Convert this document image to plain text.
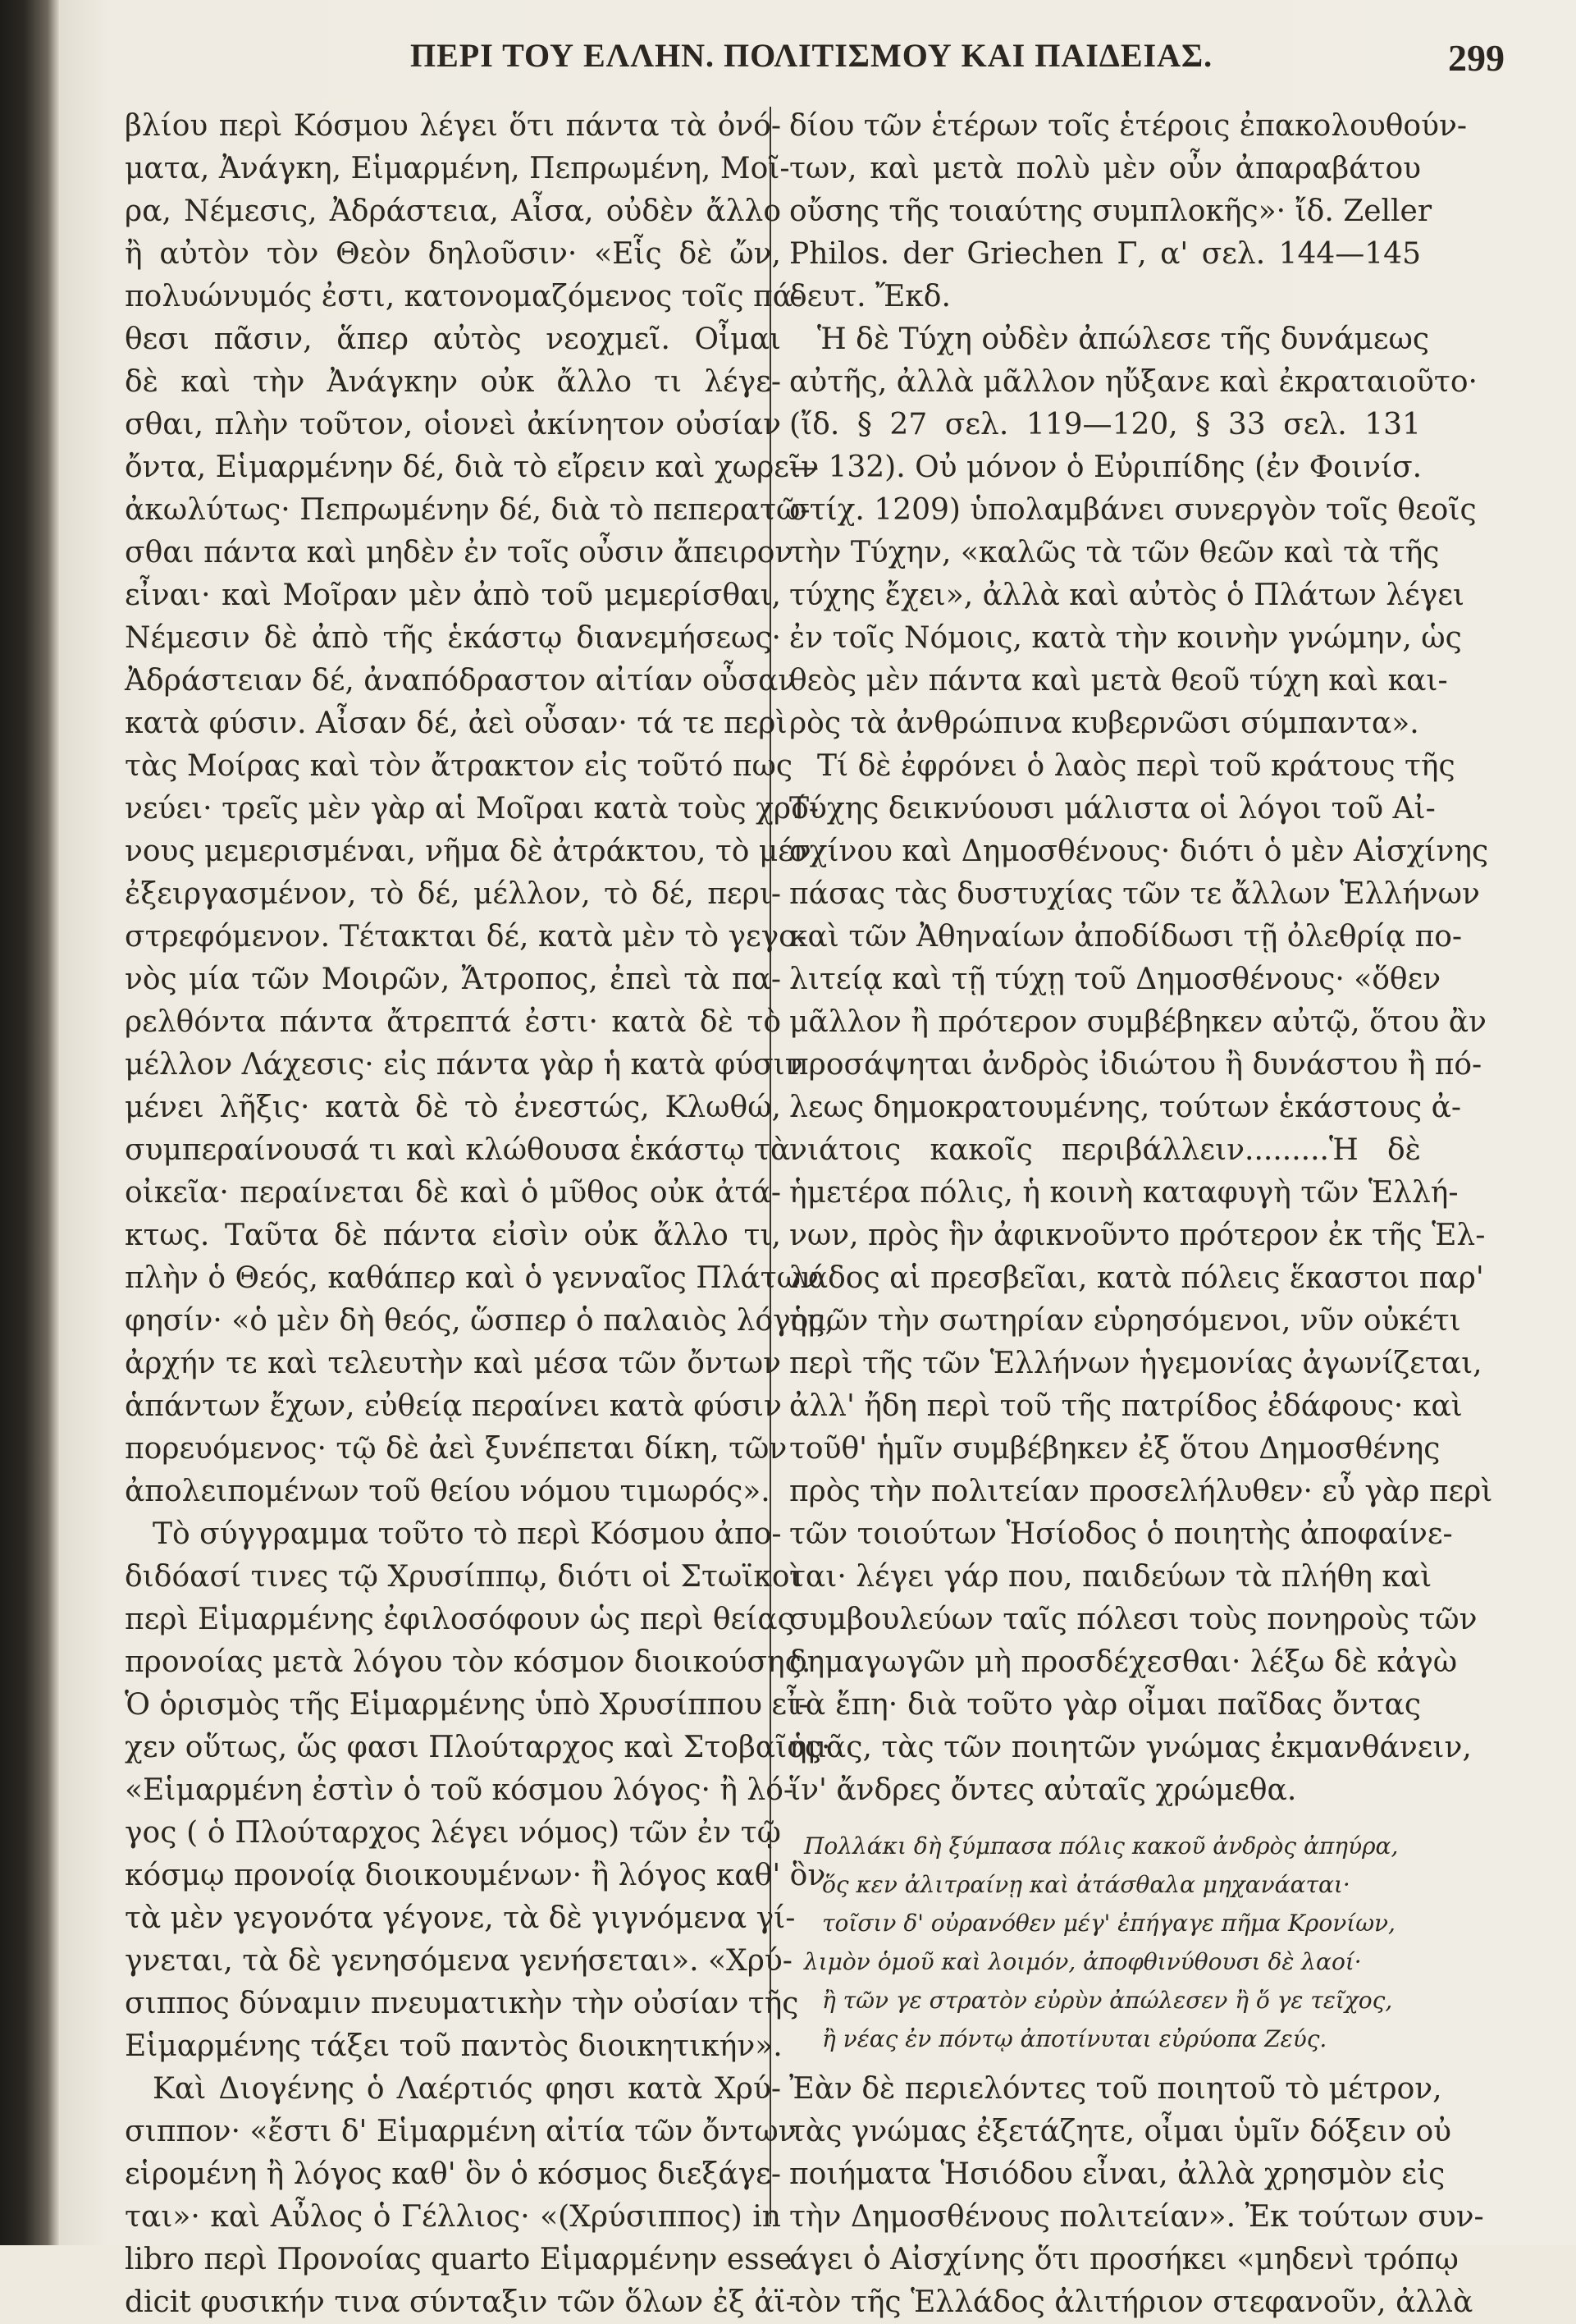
ΠΕΡΙ ΤΟΥ ΕΛΛΗΝ. ΠΟΛΙΤΙΣΜΟΥ ΚΑΙ ΠΑΙΔΕΙΑΣ.	299
βλίου περὶ Κόσμου λέγει ὅτι πάντα τὰ ὀνό-
ματα, Ἀνάγκη, Εἱμαρμένη, Πεπρωμένη, Μοῖ-
ρα, Νέμεσις, Ἀδράστεια, Αἶσα, οὐδὲν ἄλλο
ἢ αὐτὸν τὸν Θεὸν δηλοῦσιν· «Εἷς δὲ ὤν,
πολυώνυμός ἐστι, κατονομαζόμενος τοῖς πά-
θεσι πᾶσιν, ἅπερ αὐτὸς νεοχμεῖ. Οἶμαι
δὲ καὶ τὴν Ἀνάγκην οὐκ ἄλλο τι λέγε-
σθαι, πλὴν τοῦτον, οἱονεὶ ἀκίνητον οὐσίαν
ὄντα, Εἱμαρμένην δέ, διὰ τὸ εἴρειν καὶ χωρεῖν
ἀκωλύτως· Πεπρωμένην δέ, διὰ τὸ πεπερατῶ-
σθαι πάντα καὶ μηδὲν ἐν τοῖς οὖσιν ἄπειρον
εἶναι· καὶ Μοῖραν μὲν ἀπὸ τοῦ μεμερίσθαι,
Νέμεσιν δὲ ἀπὸ τῆς ἑκάστῳ διανεμήσεως·
Ἀδράστειαν δέ, ἀναπόδραστον αἰτίαν οὖσαν
κατὰ φύσιν. Αἶσαν δέ, ἀεὶ οὖσαν· τά τε περὶ
τὰς Μοίρας καὶ τὸν ἄτρακτον εἰς τοῦτό πως
νεύει· τρεῖς μὲν γὰρ αἱ Μοῖραι κατὰ τοὺς χρό-
νους μεμερισμέναι, νῆμα δὲ ἀτράκτου, τὸ μέν,
ἐξειργασμένον, τὸ δέ, μέλλον, τὸ δέ, περι-
στρεφόμενον. Τέτακται δέ, κατὰ μὲν τὸ γεγο-
νὸς μία τῶν Μοιρῶν, Ἄτροπος, ἐπεὶ τὰ πα-
ρελθόντα πάντα ἄτρεπτά ἐστι· κατὰ δὲ τὸ
μέλλον Λάχεσις· εἰς πάντα γὰρ ἡ κατὰ φύσιν
μένει λῆξις· κατὰ δὲ τὸ ἐνεστώς, Κλωθώ,
συμπεραίνουσά τι καὶ κλώθουσα ἑκάστῳ τὰ
οἰκεῖα· περαίνεται δὲ καὶ ὁ μῦθος οὐκ ἀτά-
κτως. Ταῦτα δὲ πάντα εἰσὶν οὐκ ἄλλο τι,
πλὴν ὁ Θεός, καθάπερ καὶ ὁ γενναῖος Πλάτων
φησίν· «ὁ μὲν δὴ θεός, ὥσπερ ὁ παλαιὸς λόγος,
ἀρχήν τε καὶ τελευτὴν καὶ μέσα τῶν ὄντων
ἁπάντων ἔχων, εὐθείᾳ περαίνει κατὰ φύσιν
πορευόμενος· τῷ δὲ ἀεὶ ξυνέπεται δίκη, τῶν
ἀπολειπομένων τοῦ θείου νόμου τιμωρός».
Τὸ σύγγραμμα τοῦτο τὸ περὶ Κόσμου ἀπο-
διδόασί τινες τῷ Χρυσίππῳ, διότι οἱ Στωϊκοὶ
περὶ Εἱμαρμένης ἐφιλοσόφουν ὡς περὶ θείας
προνοίας μετὰ λόγου τὸν κόσμον διοικούσης.
Ὁ ὁρισμὸς τῆς Εἱμαρμένης ὑπὸ Χρυσίππου εἶ-
χεν οὕτως, ὥς φασι Πλούταρχος καὶ Στοβαῖος·
«Εἱμαρμένη ἐστὶν ὁ τοῦ κόσμου λόγος· ἢ λό-
γος ( ὁ Πλούταρχος λέγει νόμος) τῶν ἐν τῷ
κόσμῳ προνοίᾳ διοικουμένων· ἢ λόγος καθ' ὃν
τὰ μὲν γεγονότα γέγονε, τὰ δὲ γιγνόμενα γί-
γνεται, τὰ δὲ γενησόμενα γενήσεται». «Χρύ-
σιππος δύναμιν πνευματικὴν τὴν οὐσίαν τῆς
Εἱμαρμένης τάξει τοῦ παντὸς διοικητικήν».
Καὶ Διογένης ὁ Λαέρτιός φησι κατὰ Χρύ-
σιππον· «ἔστι δ' Εἱμαρμένη αἰτία τῶν ὄντων
εἱρομένη ἢ λόγος καθ' ὃν ὁ κόσμος διεξάγε-
ται»· καὶ Αὖλος ὁ Γέλλιος· «(Χρύσιππος) in
libro περὶ Προνοίας quarto Εἱμαρμένην esse
dicit φυσικήν τινα σύνταξιν τῶν ὅλων ἐξ ἀϊ-
δίου τῶν ἑτέρων τοῖς ἑτέροις ἐπακολουθούν-
των, καὶ μετὰ πολὺ μὲν οὖν ἀπαραβάτου
οὔσης τῆς τοιαύτης συμπλοκῆς»· ἴδ. Zeller
Philos. der Griechen Γ, α' σελ. 144—145
δευτ. Ἔκδ.
Ἡ δὲ Τύχη οὐδὲν ἀπώλεσε τῆς δυνάμεως
αὐτῆς, ἀλλὰ μᾶλλον ηὔξανε καὶ ἐκραταιοῦτο·
(ἴδ. § 27 σελ. 119—120, § 33 σελ. 131
— 132). Οὐ μόνον ὁ Εὐριπίδης (ἐν Φοινίσ.
στίχ. 1209) ὑπολαμβάνει συνεργὸν τοῖς θεοῖς
τὴν Τύχην, «καλῶς τὰ τῶν θεῶν καὶ τὰ τῆς
τύχης ἔχει», ἀλλὰ καὶ αὐτὸς ὁ Πλάτων λέγει
ἐν τοῖς Νόμοις, κατὰ τὴν κοινὴν γνώμην, ὡς
θεὸς μὲν πάντα καὶ μετὰ θεοῦ τύχη καὶ και-
ρὸς τὰ ἀνθρώπινα κυβερνῶσι σύμπαντα».
Τί δὲ ἐφρόνει ὁ λαὸς περὶ τοῦ κράτους τῆς
Τύχης δεικνύουσι μάλιστα οἱ λόγοι τοῦ Αἰ-
σχίνου καὶ Δημοσθένους· διότι ὁ μὲν Αἰσχίνης
πάσας τὰς δυστυχίας τῶν τε ἄλλων Ἑλλήνων
καὶ τῶν Ἀθηναίων ἀποδίδωσι τῇ ὀλεθρίᾳ πο-
λιτείᾳ καὶ τῇ τύχῃ τοῦ Δημοσθένους· «ὅθεν
μᾶλλον ἢ πρότερον συμβέβηκεν αὐτῷ, ὅτου ἂν
προσάψηται ἀνδρὸς ἰδιώτου ἢ δυνάστου ἢ πό-
λεως δημοκρατουμένης, τούτων ἑκάστους ἀ-
νιάτοις κακοῖς περιβάλλειν.........Ἡ δὲ
ἡμετέρα πόλις, ἡ κοινὴ καταφυγὴ τῶν Ἑλλή-
νων, πρὸς ἣν ἀφικνοῦντο πρότερον ἐκ τῆς Ἑλ-
λάδος αἱ πρεσβεῖαι, κατὰ πόλεις ἕκαστοι παρ'
ἡμῶν τὴν σωτηρίαν εὑρησόμενοι, νῦν οὐκέτι
περὶ τῆς τῶν Ἑλλήνων ἡγεμονίας ἀγωνίζεται,
ἀλλ' ἤδη περὶ τοῦ τῆς πατρίδος ἐδάφους· καὶ
τοῦθ' ἡμῖν συμβέβηκεν ἐξ ὅτου Δημοσθένης
πρὸς τὴν πολιτείαν προσελήλυθεν· εὖ γὰρ περὶ
τῶν τοιούτων Ἡσίοδος ὁ ποιητὴς ἀποφαίνε-
ται· λέγει γάρ που, παιδεύων τὰ πλήθη καὶ
συμβουλεύων ταῖς πόλεσι τοὺς πονηροὺς τῶν
δημαγωγῶν μὴ προσδέχεσθαι· λέξω δὲ κἀγὼ
τὰ ἔπη· διὰ τοῦτο γὰρ οἶμαι παῖδας ὄντας
ἡμᾶς, τὰς τῶν ποιητῶν γνώμας ἐκμανθάνειν,
ἵν' ἄνδρες ὄντες αὐταῖς χρώμεθα.
Πολλάκι δὴ ξύμπασα πόλις κακοῦ ἀνδρὸς ἀπηύρα,
ὅς κεν ἀλιτραίνῃ καὶ ἀτάσθαλα μηχανάαται·
τοῖσιν δ' οὐρανόθεν μέγ' ἐπήγαγε πῆμα Κρονίων,
λιμὸν ὁμοῦ καὶ λοιμόν, ἀποφθινύθουσι δὲ λαοί·
ἢ τῶν γε στρατὸν εὐρὺν ἀπώλεσεν ἢ ὅ γε τεῖχος,
ἢ νέας ἐν πόντῳ ἀποτίνυται εὐρύοπα Ζεύς.
Ἐὰν δὲ περιελόντες τοῦ ποιητοῦ τὸ μέτρον,
τὰς γνώμας ἐξετάζητε, οἶμαι ὑμῖν δόξειν οὐ
ποιήματα Ἡσιόδου εἶναι, ἀλλὰ χρησμὸν εἰς
τὴν Δημοσθένους πολιτείαν». Ἐκ τούτων συν-
άγει ὁ Αἰσχίνης ὅτι προσήκει «μηδενὶ τρόπῳ
τὸν τῆς Ἑλλάδος ἀλιτήριον στεφανοῦν, ἀλλὰ
